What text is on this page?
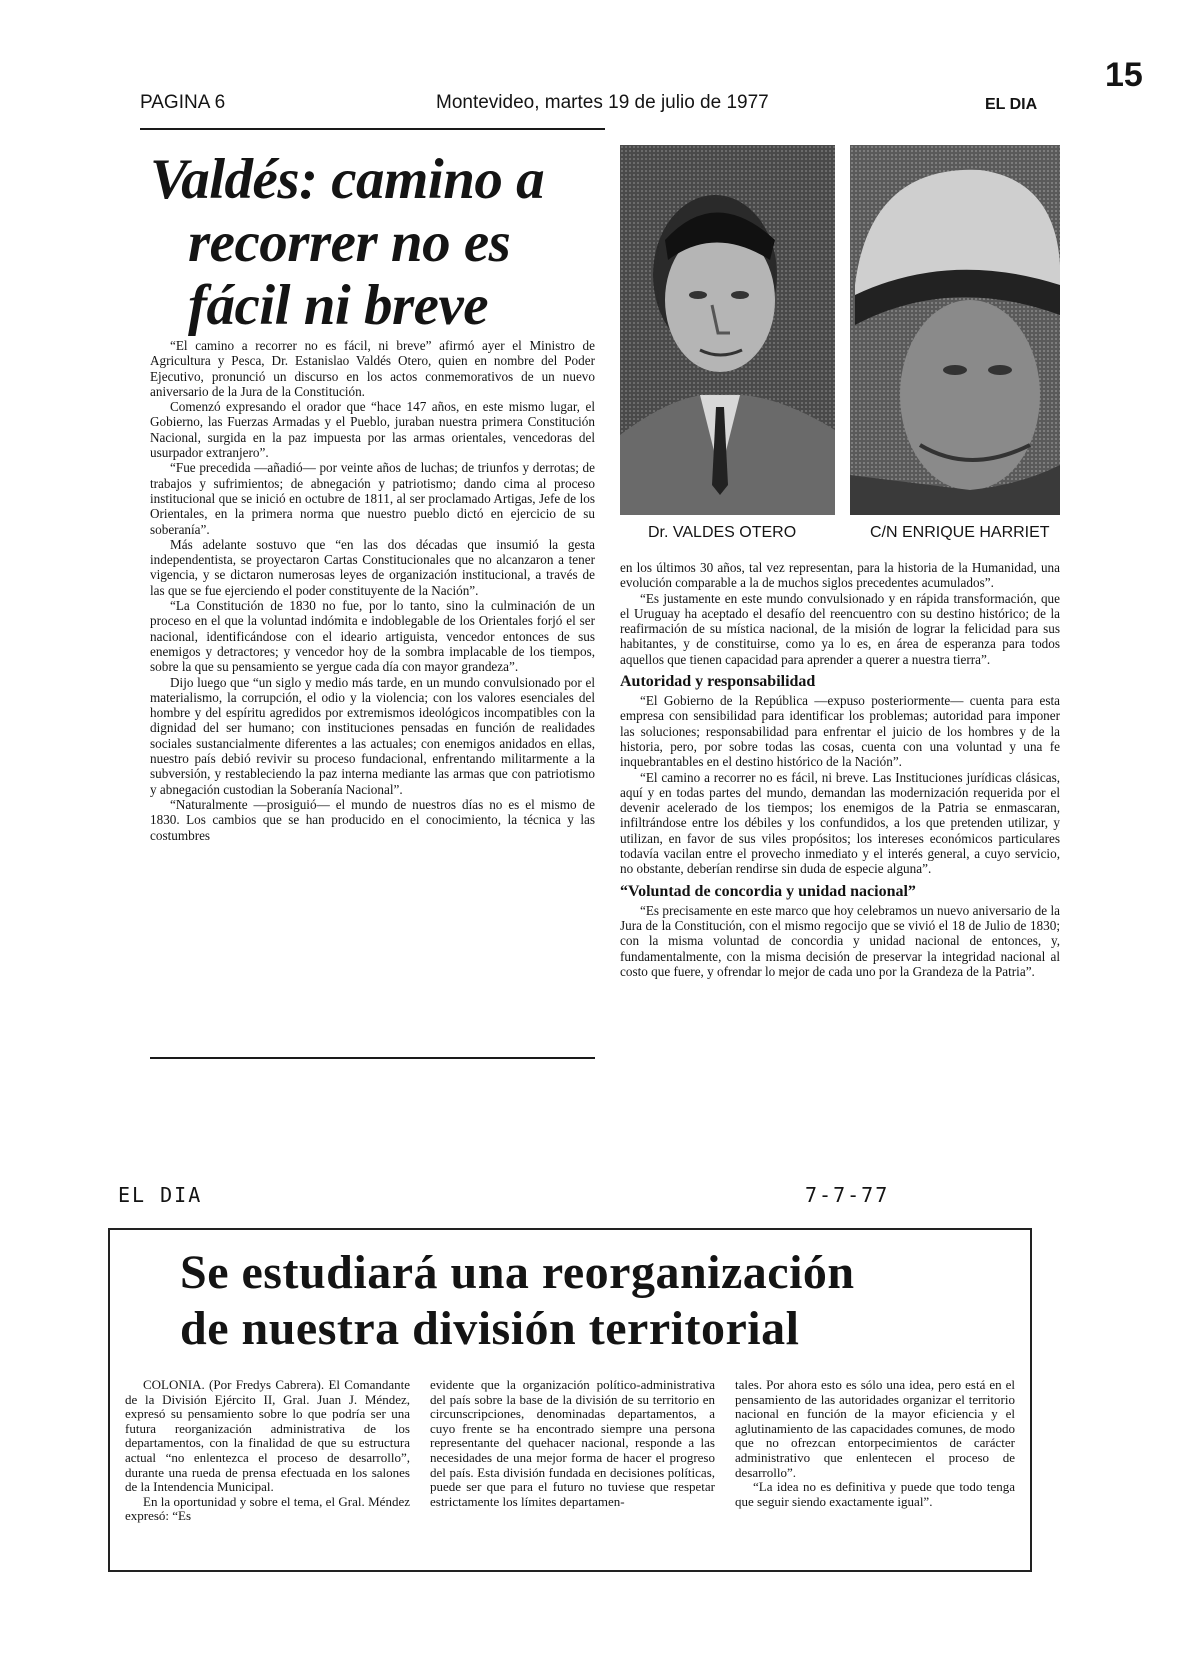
15
PAGINA 6	Montevideo, martes 19 de julio de 1977	EL DIA
Valdés: camino a
recorrer no es
fácil ni breve

“El camino a recorrer no es fácil, ni breve” afirmó ayer el Ministro de Agricultura y Pesca, Dr. Estanislao Valdés Otero, quien en nombre del Poder Ejecutivo, pronunció un discurso en los actos conmemorativos de un nuevo aniversario de la Jura de la Constitución.

Comenzó expresando el orador que “hace 147 años, en este mismo lugar, el Gobierno, las Fuerzas Armadas y el Pueblo, juraban nuestra primera Constitución Nacional, surgida en la paz impuesta por las armas orientales, vencedoras del usurpador extranjero”.

“Fue precedida —añadió— por veinte años de luchas; de triunfos y derrotas; de trabajos y sufrimientos; de abnegación y patriotismo; dando cima al proceso institucional que se inició en octubre de 1811, al ser proclamado Artigas, Jefe de los Orientales, en la primera norma que nuestro pueblo dictó en ejercicio de su soberanía”.

Más adelante sostuvo que “en las dos décadas que insumió la gesta independentista, se proyectaron Cartas Constitucionales que no alcanzaron a tener vigencia, y se dictaron numerosas leyes de organización institucional, a través de las que se fue ejerciendo el poder constituyente de la Nación”.

“La Constitución de 1830 no fue, por lo tanto, sino la culminación de un proceso en el que la voluntad indómita e indoblegable de los Orientales forjó el ser nacional, identificándose con el ideario artiguista, vencedor entonces de sus enemigos y detractores; y vencedor hoy de la sombra implacable de los tiempos, sobre la que su pensamiento se yergue cada día con mayor grandeza”.

Dijo luego que “un siglo y medio más tarde, en un mundo convulsionado por el materialismo, la corrupción, el odio y la violencia; con los valores esenciales del hombre y del espíritu agredidos por extremismos ideológicos incompatibles con la dignidad del ser humano; con instituciones pensadas en función de realidades sociales sustancialmente diferentes a las actuales; con enemigos anidados en ellas, nuestro país debió revivir su proceso fundacional, enfrentando militarmente a la subversión, y restableciendo la paz interna mediante las armas que con patriotismo y abnegación custodian la Soberanía Nacional”.

“Naturalmente —prosiguió— el mundo de nuestros días no es el mismo de 1830. Los cambios que se han producido en el conocimiento, la técnica y las costumbres

Dr. VALDES OTERO	C/N ENRIQUE HARRIET

en los últimos 30 años, tal vez representan, para la historia de la Humanidad, una evolución comparable a la de muchos siglos precedentes acumulados”.

“Es justamente en este mundo convulsionado y en rápida transformación, que el Uruguay ha aceptado el desafío del reencuentro con su destino histórico; de la reafirmación de su mística nacional, de la misión de lograr la felicidad para sus habitantes, y de constituirse, como ya lo es, en área de esperanza para todos aquellos que tienen capacidad para aprender a querer a nuestra tierra”.

Autoridad y responsabilidad

“El Gobierno de la República —expuso posteriormente— cuenta para esta empresa con sensibilidad para identificar los problemas; autoridad para imponer las soluciones; responsabilidad para enfrentar el juicio de los hombres y de la historia, pero, por sobre todas las cosas, cuenta con una voluntad y una fe inquebrantables en el destino histórico de la Nación”.

“El camino a recorrer no es fácil, ni breve. Las Instituciones jurídicas clásicas, aquí y en todas partes del mundo, demandan las modernización requerida por el devenir acelerado de los tiempos; los enemigos de la Patria se enmascaran, infiltrándose entre los débiles y los confundidos, a los que pretenden utilizar, y utilizan, en favor de sus viles propósitos; los intereses económicos particulares todavía vacilan entre el provecho inmediato y el interés general, a cuyo servicio, no obstante, deberían rendirse sin duda de especie alguna”.

“Voluntad de concordia y unidad nacional”

“Es precisamente en este marco que hoy celebramos un nuevo aniversario de la Jura de la Constitución, con el mismo regocijo que se vivió el 18 de Julio de 1830; con la misma voluntad de concordia y unidad nacional de entonces, y, fundamentalmente, con la misma decisión de preservar la integridad nacional al costo que fuere, y ofrendar lo mejor de cada uno por la Grandeza de la Patria”.

EL DIA	7-7-77
Se estudiará una reorganización
de nuestra división territorial

COLONIA. (Por Fredys Cabrera). El Comandante de la División Ejército II, Gral. Juan J. Méndez, expresó su pensamiento sobre lo que podría ser una futura reorganización administrativa de los departamentos, con la finalidad de que su estructura actual “no enlentezca el proceso de desarrollo”, durante una rueda de prensa efectuada en los salones de la Intendencia Municipal.

En la oportunidad y sobre el tema, el Gral. Méndez expresó: “Es

evidente que la organización político-administrativa del país sobre la base de la división de su territorio en circunscripciones, denominadas departamentos, a cuyo frente se ha encontrado siempre una persona representante del quehacer nacional, responde a las necesidades de una mejor forma de hacer el progreso del país. Esta división fundada en decisiones políticas, puede ser que para el futuro no tuviese que respetar estrictamente los límites departamen-

tales. Por ahora esto es sólo una idea, pero está en el pensamiento de las autoridades organizar el territorio nacional en función de la mayor eficiencia y el aglutinamiento de las capacidades comunes, de modo que no ofrezcan entorpecimientos de carácter administrativo que enlentecen el proceso de desarrollo”.

“La idea no es definitiva y puede que todo tenga que seguir siendo exactamente igual”.
